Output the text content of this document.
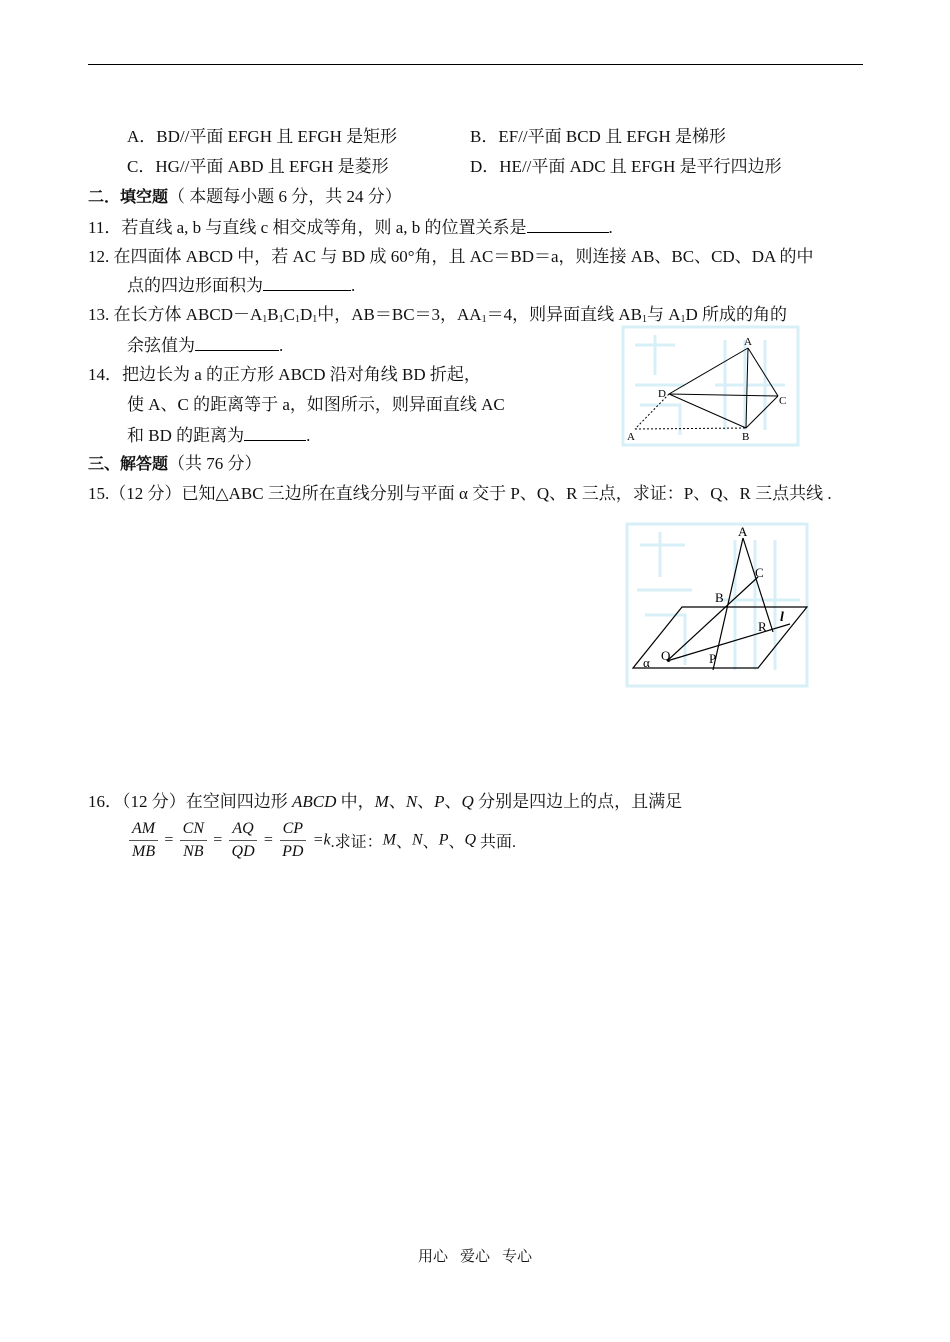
A．BD//平面 EFGH 且 EFGH 是矩形	B．EF//平面 BCD 且 EFGH 是梯形
C．HG//平面 ABD 且 EFGH 是菱形	D．HE//平面 ADC 且 EFGH 是平行四边形
二．填空题（ 本题每小题 6 分，共 24 分）
11．若直线 a, b 与直线 c 相交成等角，则 a, b 的位置关系是	.
12. 在四面体 ABCD 中，若 AC 与 BD 成 60°角，且 AC＝BD＝a，则连接 AB、BC、CD、DA 的中
点的四边形面积为	.
13. 在长方体 $ABCD-A_1B_1C_1D_1$中，AB＝BC＝3，$AA_1=4$，则异面直线 $AB_1$与 $A_1D$ 所成的角的
余弦值为	.
14．把边长为 a 的正方形 ABCD 沿对角线 BD 折起，
使 A、C 的距离等于 a，如图所示，则异面直线 AC
和 BD 的距离为	.
A
D
C
A	B
三、解答题（共 76 分）
15.（12 分）已知△ABC 三边所在直线分别与平面 α 交于 P、Q、R 三点，求证：P、Q、R 三点共线 .
A
C
B
R
l
Q	P
α
16．（12 分）在空间四边形 ABCD 中，M、N、P、Q 分别是四边上的点，且满足
$\frac{AM}{MB} = \frac{CN}{NB} = \frac{AQ}{QD} = \frac{CP}{PD} =k$.求证：M、N、P、Q 共面.
用心 爱心 专心
